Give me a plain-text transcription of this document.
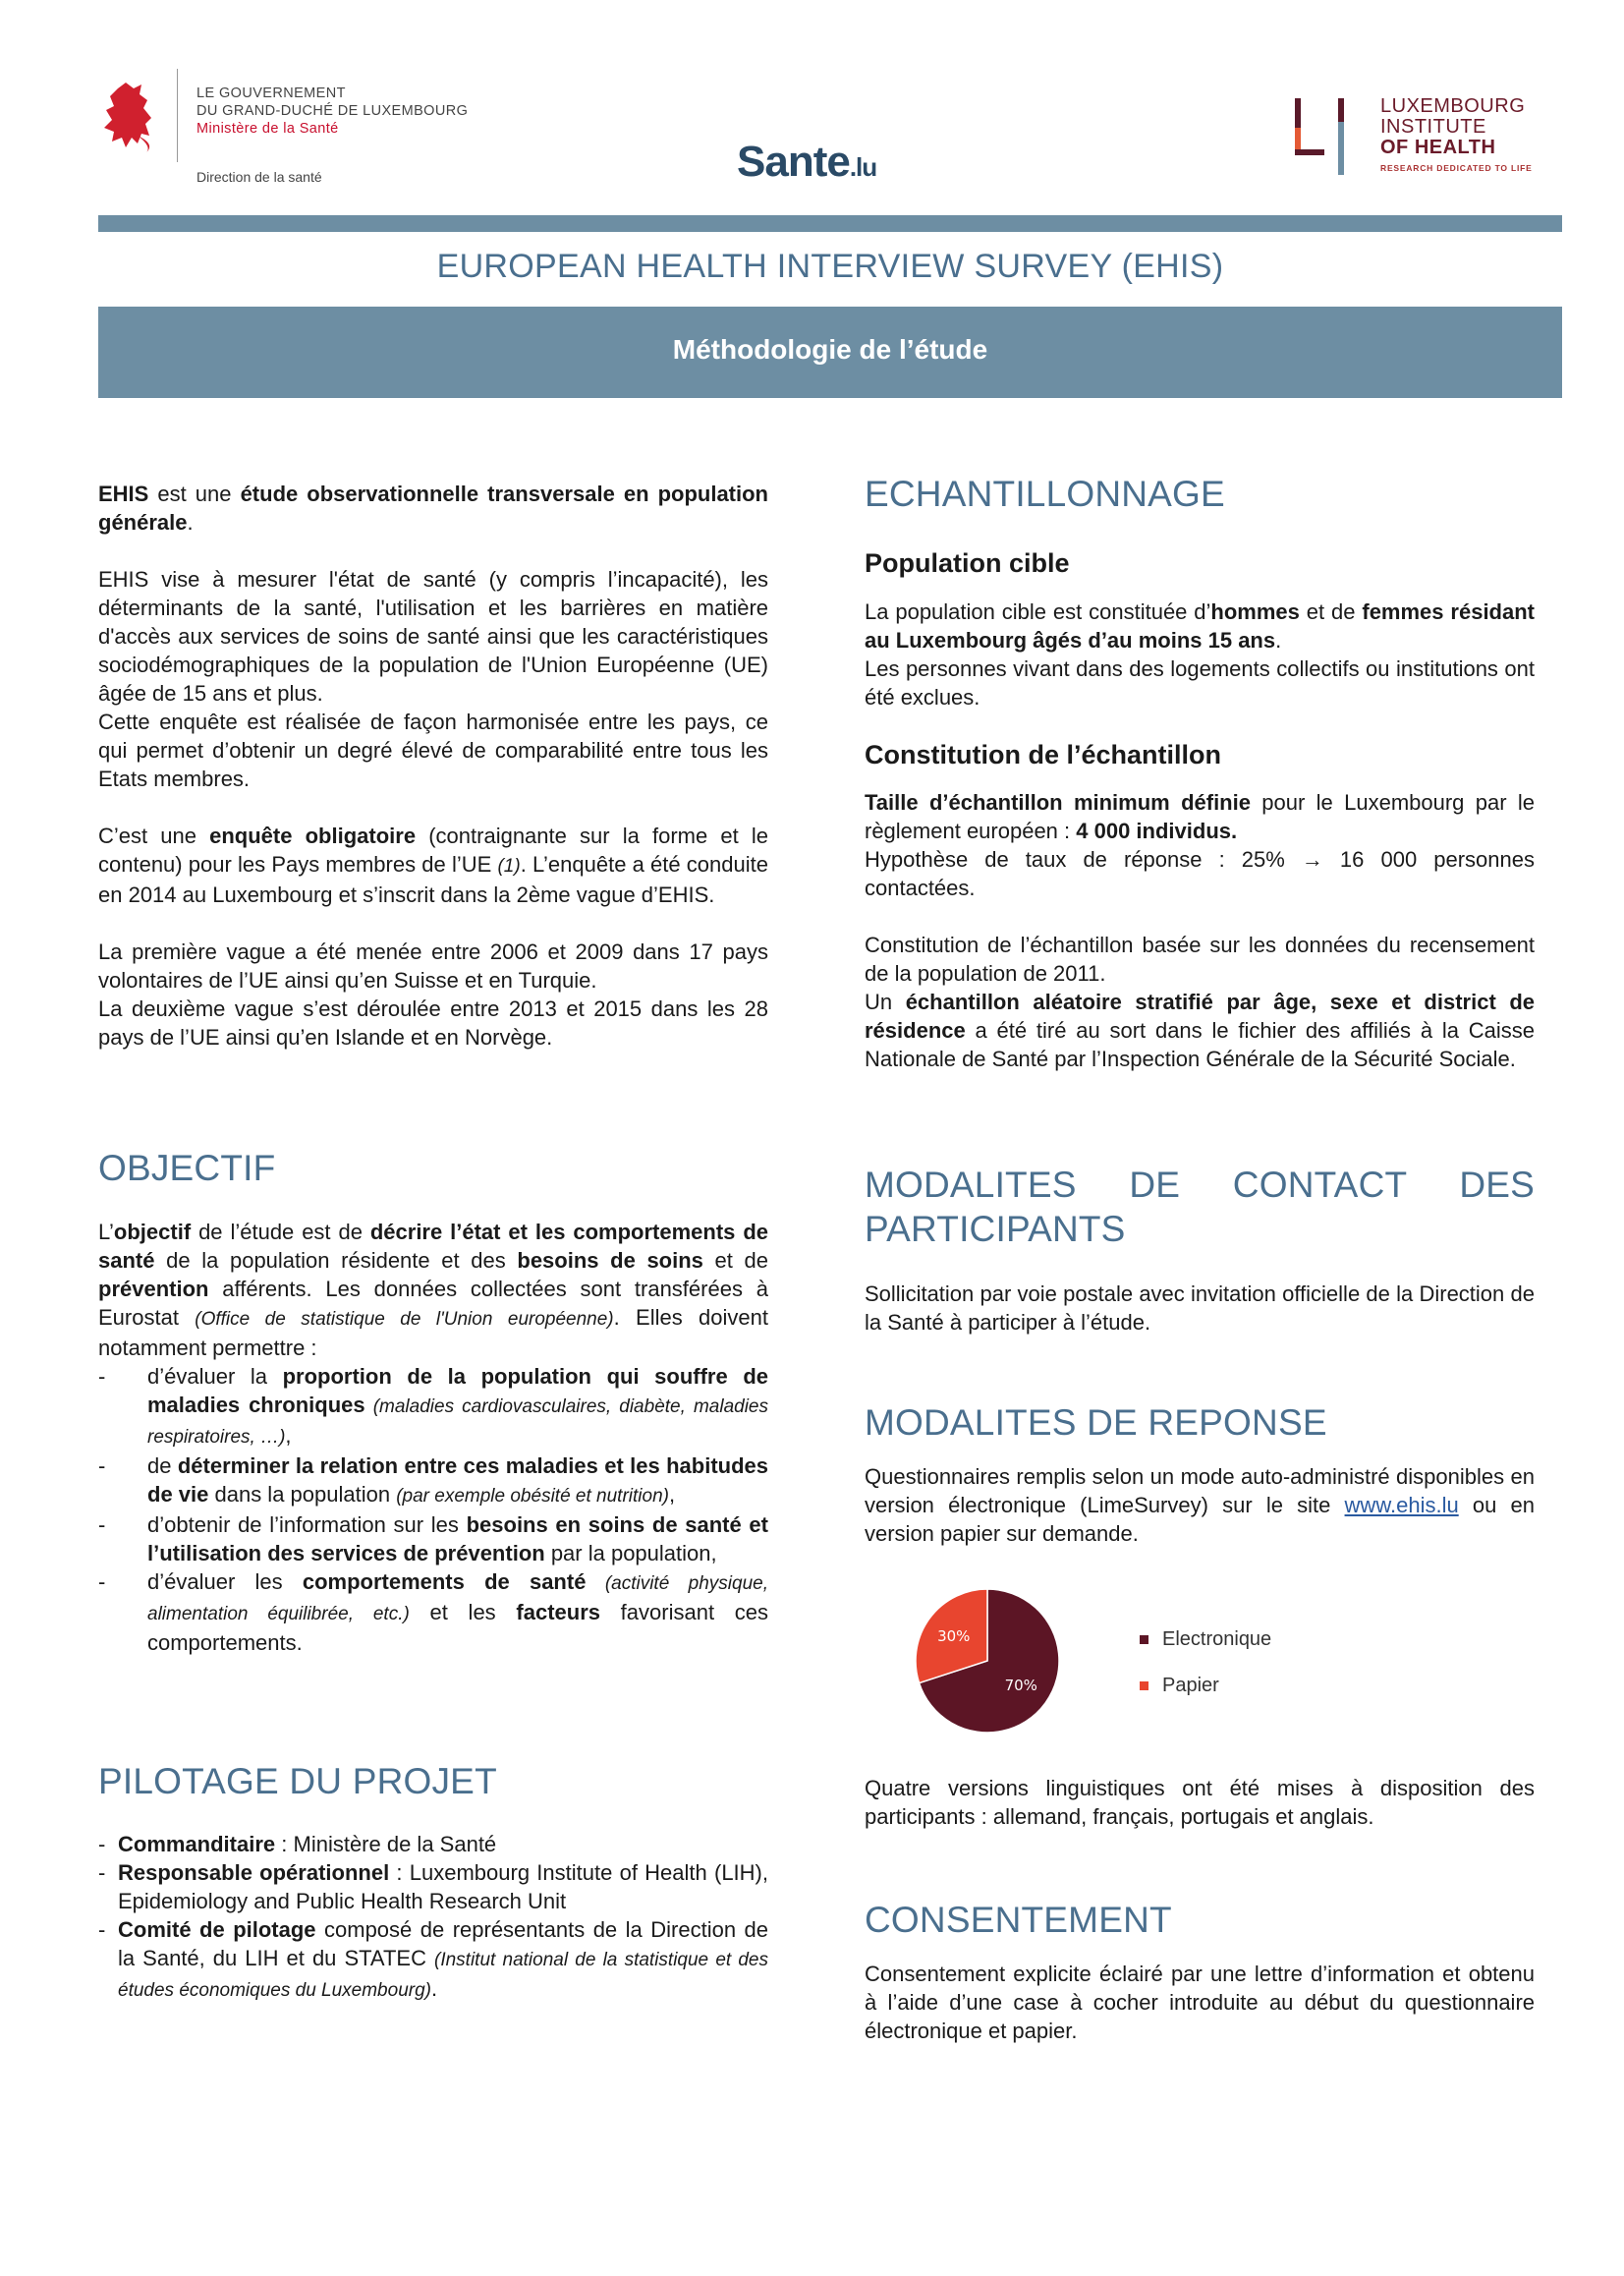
LE GOUVERNEMENT
DU GRAND-DUCHÉ DE LUXEMBOURG
Ministère de la Santé
Direction de la santé	Sante.lu
LUXEMBOURG
INSTITUTE
OF HEALTH
RESEARCH DEDICATED TO LIFE
EUROPEAN HEALTH INTERVIEW SURVEY (EHIS)
Méthodologie de l’étude

EHIS est une étude observationnelle transversale en population générale.

EHIS vise à mesurer l'état de santé (y compris l’incapacité), les déterminants de la santé, l'utilisation et les barrières en matière d'accès aux services de soins de santé ainsi que les caractéristiques sociodémographiques de la population de l'Union Européenne (UE) âgée de 15 ans et plus.

Cette enquête est réalisée de façon harmonisée entre les pays, ce qui permet d’obtenir un degré élevé de comparabilité entre tous les Etats membres.

C’est une enquête obligatoire (contraignante sur la forme et le contenu) pour les Pays membres de l’UE (1). L’enquête a été conduite en 2014 au Luxembourg et s’inscrit dans la 2ème vague d’EHIS.

La première vague a été menée entre 2006 et 2009 dans 17 pays volontaires de l’UE ainsi qu’en Suisse et en Turquie.

La deuxième vague s’est déroulée entre 2013 et 2015 dans les 28 pays de l’UE ainsi qu’en Islande et en Norvège.

OBJECTIF

L’objectif de l’étude est de décrire l’état et les comportements de santé de la population résidente et des besoins de soins et de prévention afférents. Les données collectées sont transférées à Eurostat (Office de statistique de l'Union européenne). Elles doivent notamment permettre :

- d’évaluer la proportion de la population qui souffre de maladies chroniques (maladies cardiovasculaires, diabète, maladies respiratoires, …),
- de déterminer la relation entre ces maladies et les habitudes de vie dans la population (par exemple obésité et nutrition),
- d’obtenir de l’information sur les besoins en soins de santé et l’utilisation des services de prévention par la population,
- d’évaluer les comportements de santé (activité physique, alimentation équilibrée, etc.) et les facteurs favorisant ces comportements.
PILOTAGE DU PROJET
- Commanditaire : Ministère de la Santé
- Responsable opérationnel : Luxembourg Institute of Health (LIH), Epidemiology and Public Health Research Unit
- Comité de pilotage composé de représentants de la Direction de la Santé, du LIH et du STATEC (Institut national de la statistique et des études économiques du Luxembourg).
ECHANTILLONNAGE
Population cible

La population cible est constituée d’hommes et de femmes résidant au Luxembourg âgés d’au moins 15 ans.

Les personnes vivant dans des logements collectifs ou institutions ont été exclues.

Constitution de l’échantillon

Taille d’échantillon minimum définie pour le Luxembourg par le règlement européen : 4 000 individus.

Hypothèse de taux de réponse : 25% → 16 000 personnes contactées.

Constitution de l’échantillon basée sur les données du recensement de la population de 2011.

Un échantillon aléatoire stratifié par âge, sexe et district de résidence a été tiré au sort dans le fichier des affiliés à la Caisse Nationale de Santé par l’Inspection Générale de la Sécurité Sociale.

MODALITES DE CONTACT DES PARTICIPANTS

Sollicitation par voie postale avec invitation officielle de la Direction de la Santé à participer à l’étude.

MODALITES DE REPONSE

Questionnaires remplis selon un mode auto-administré disponibles en version électronique (LimeSurvey) sur le site www.ehis.lu ou en version papier sur demande.

70%
30%	Electronique
Papier

Quatre versions linguistiques ont été mises à disposition des participants : allemand, français, portugais et anglais.

CONSENTEMENT

Consentement explicite éclairé par une lettre d’information et obtenu à l’aide d’une case à cocher introduite au début du questionnaire électronique et papier.
